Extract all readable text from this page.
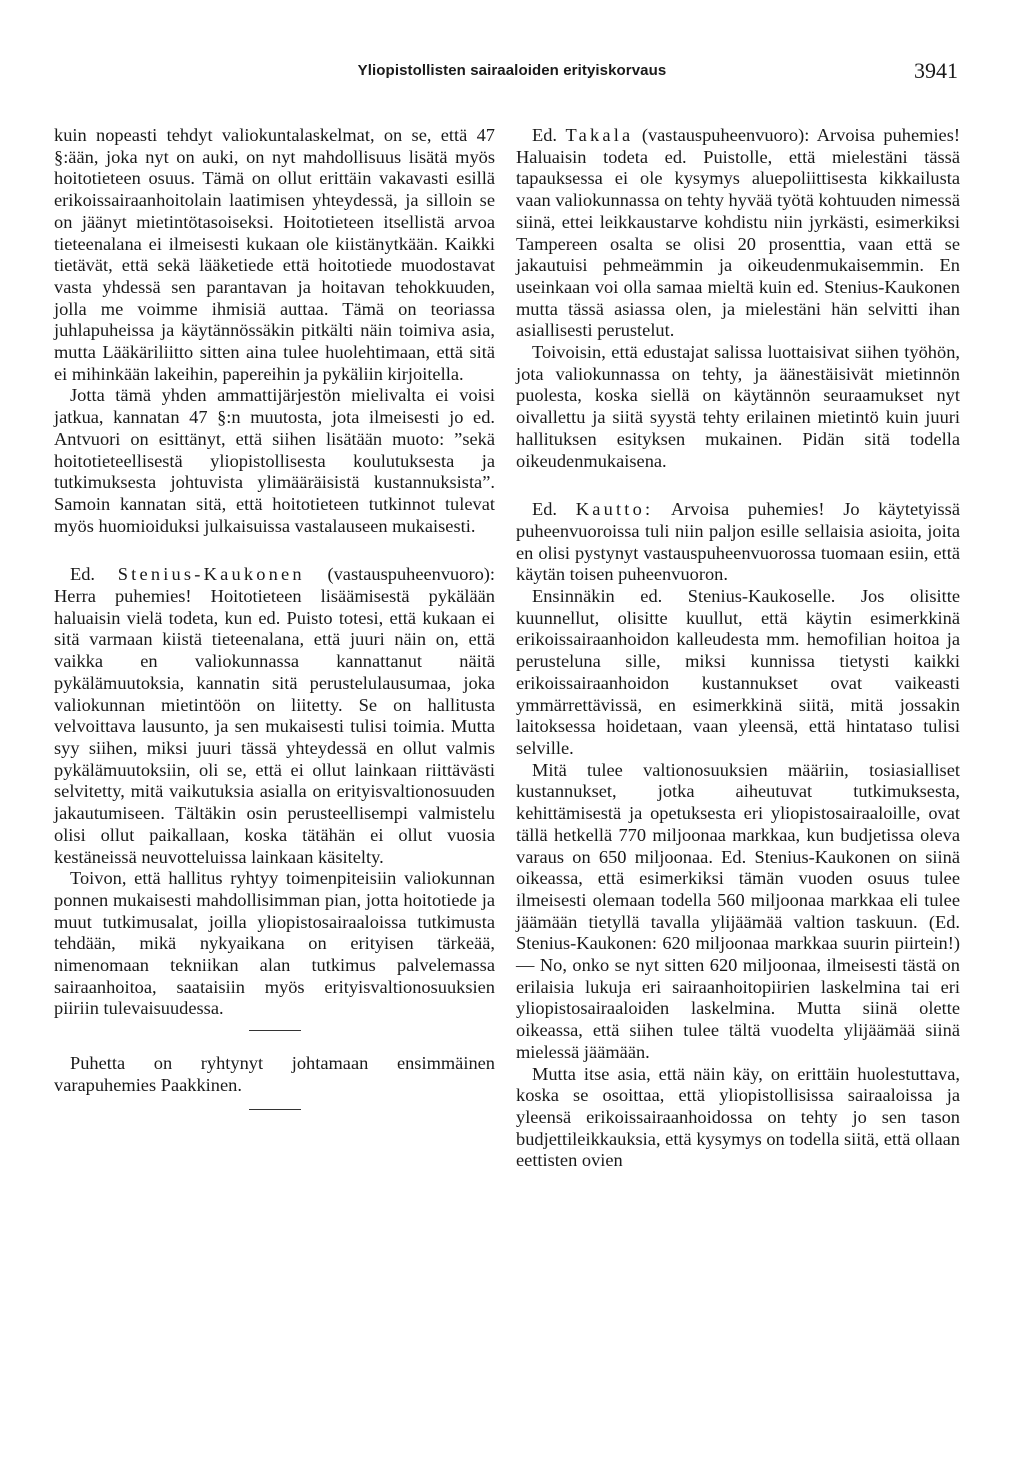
Yliopistollisten sairaaloiden erityiskorvaus	3941

kuin nopeasti tehdyt valiokuntalaskelmat, on se, että 47 §:ään, joka nyt on auki, on nyt mahdollisuus lisätä myös hoitotieteen osuus. Tämä on ollut erittäin vakavasti esillä erikoissairaanhoitolain laatimisen yhteydessä, ja silloin se on jäänyt mietintötasoiseksi. Hoitotieteen itsellistä arvoa tieteenalana ei ilmeisesti kukaan ole kiistänytkään. Kaikki tietävät, että sekä lääketiede että hoitotiede muodostavat vasta yhdessä sen parantavan ja hoitavan tehokkuuden, jolla me voimme ihmisiä auttaa. Tämä on teoriassa juhlapuheissa ja käytännössäkin pitkälti näin toimiva asia, mutta Lääkäriliitto sitten aina tulee huolehtimaan, että sitä ei mihinkään lakeihin, papereihin ja pykäliin kirjoitella.

Jotta tämä yhden ammattijärjestön mielivalta ei voisi jatkua, kannatan 47 §:n muutosta, jota ilmeisesti jo ed. Antvuori on esittänyt, että siihen lisätään muoto: ”sekä hoitotieteellisestä yliopistollisesta koulutuksesta ja tutkimuksesta johtuvista ylimääräisistä kustannuksista”. Samoin kannatan sitä, että hoitotieteen tutkinnot tulevat myös huomioiduksi julkaisuissa vastalauseen mukaisesti.

Ed. Stenius-Kaukonen (vastauspuheenvuoro): Herra puhemies! Hoitotieteen lisäämisestä pykälään haluaisin vielä todeta, kun ed. Puisto totesi, että kukaan ei sitä varmaan kiistä tieteenalana, että juuri näin on, että vaikka en valiokunnassa kannattanut näitä pykälämuutoksia, kannatin sitä perustelulausumaa, joka valiokunnan mietintöön on liitetty. Se on hallitusta velvoittava lausunto, ja sen mukaisesti tulisi toimia. Mutta syy siihen, miksi juuri tässä yhteydessä en ollut valmis pykälämuutoksiin, oli se, että ei ollut lainkaan riittävästi selvitetty, mitä vaikutuksia asialla on erityisvaltionosuuden jakautumiseen. Tältäkin osin perusteellisempi valmistelu olisi ollut paikallaan, koska tätähän ei ollut vuosia kestäneissä neuvotteluissa lainkaan käsitelty.

Toivon, että hallitus ryhtyy toimenpiteisiin valiokunnan ponnen mukaisesti mahdollisimman pian, jotta hoitotiede ja muut tutkimusalat, joilla yliopistosairaaloissa tutkimusta tehdään, mikä nykyaikana on erityisen tärkeää, nimenomaan tekniikan alan tutkimus palvelemassa sairaanhoitoa, saataisiin myös erityisvaltionosuuksien piiriin tulevaisuudessa.

Puhetta on ryhtynyt johtamaan ensimmäinen varapuhemies Paakkinen.

Ed. Takala (vastauspuheenvuoro): Arvoisa puhemies! Haluaisin todeta ed. Puistolle, että mielestäni tässä tapauksessa ei ole kysymys aluepoliittisesta kikkailusta vaan valiokunnassa on tehty hyvää työtä kohtuuden nimessä siinä, ettei leikkaustarve kohdistu niin jyrkästi, esimerkiksi Tampereen osalta se olisi 20 prosenttia, vaan että se jakautuisi pehmeämmin ja oikeudenmukaisemmin. En useinkaan voi olla samaa mieltä kuin ed. Stenius-Kaukonen mutta tässä asiassa olen, ja mielestäni hän selvitti ihan asiallisesti perustelut.

Toivoisin, että edustajat salissa luottaisivat siihen työhön, jota valiokunnassa on tehty, ja äänestäisivät mietinnön puolesta, koska siellä on käytännön seuraamukset nyt oivallettu ja siitä syystä tehty erilainen mietintö kuin juuri hallituksen esityksen mukainen. Pidän sitä todella oikeudenmukaisena.

Ed. Kautto: Arvoisa puhemies! Jo käytetyissä puheenvuoroissa tuli niin paljon esille sellaisia asioita, joita en olisi pystynyt vastauspuheenvuorossa tuomaan esiin, että käytän toisen puheenvuoron.

Ensinnäkin ed. Stenius-Kaukoselle. Jos olisitte kuunnellut, olisitte kuullut, että käytin esimerkkinä erikoissairaanhoidon kalleudesta mm. hemofilian hoitoa ja perusteluna sille, miksi kunnissa tietysti kaikki erikoissairaanhoidon kustannukset ovat vaikeasti ymmärrettävissä, en esimerkkinä siitä, mitä jossakin laitoksessa hoidetaan, vaan yleensä, että hintataso tulisi selville.

Mitä tulee valtionosuuksien määriin, tosiasialliset kustannukset, jotka aiheutuvat tutkimuksesta, kehittämisestä ja opetuksesta eri yliopistosairaaloille, ovat tällä hetkellä 770 miljoonaa markkaa, kun budjetissa oleva varaus on 650 miljoonaa. Ed. Stenius-Kaukonen on siinä oikeassa, että esimerkiksi tämän vuoden osuus tulee ilmeisesti olemaan todella 560 miljoonaa markkaa eli tulee jäämään tietyllä tavalla ylijäämää valtion taskuun. (Ed. Stenius-Kaukonen: 620 miljoonaa markkaa suurin piirtein!) — No, onko se nyt sitten 620 miljoonaa, ilmeisesti tästä on erilaisia lukuja eri sairaanhoitopiirien laskelmina tai eri yliopistosairaaloiden laskelmina. Mutta siinä olette oikeassa, että siihen tulee tältä vuodelta ylijäämää siinä mielessä jäämään.

Mutta itse asia, että näin käy, on erittäin huolestuttava, koska se osoittaa, että yliopistollisissa sairaaloissa ja yleensä erikoissairaanhoidossa on tehty jo sen tason budjettileikkauksia, että kysymys on todella siitä, että ollaan eettisten ovien
